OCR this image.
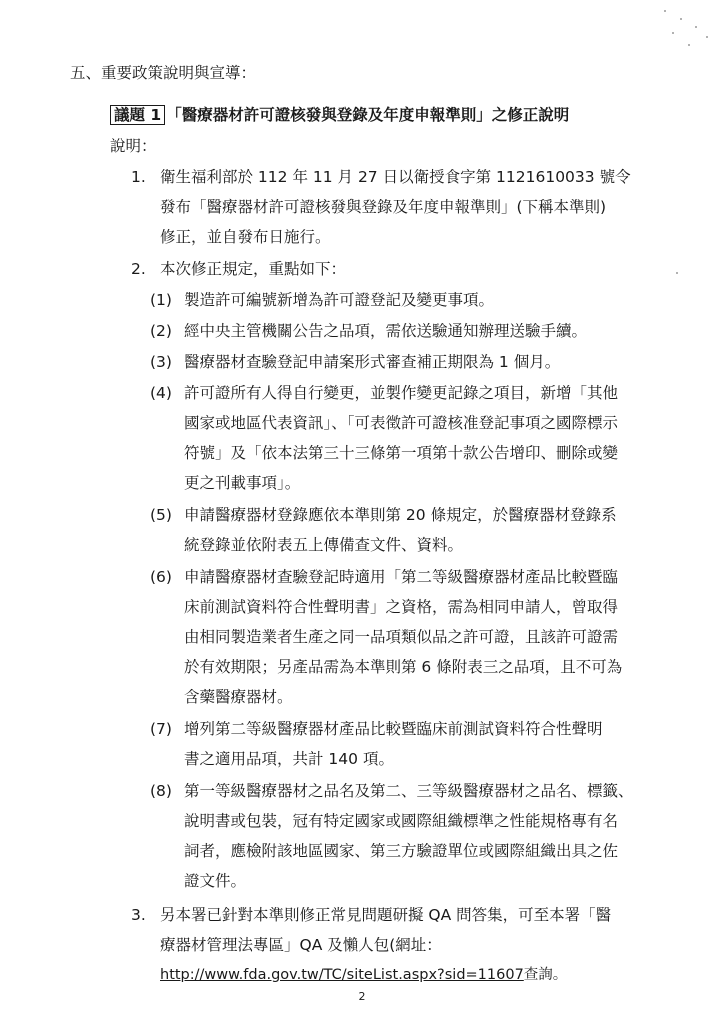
五、重要政策說明與宣導：
議題 1 「醫療器材許可證核發與登錄及年度申報準則」之修正說明
說明：
1. 衛生福利部於 112 年 11 月 27 日以衛授食字第 1121610033 號令
發布「醫療器材許可證核發與登錄及年度申報準則」(下稱本準則)
修正，並自發布日施行。
2. 本次修正規定，重點如下：
(1) 製造許可編號新增為許可證登記及變更事項。
(2) 經中央主管機關公告之品項，需依送驗通知辦理送驗手續。
(3) 醫療器材查驗登記申請案形式審查補正期限為 1 個月。
(4) 許可證所有人得自行變更，並製作變更記錄之項目，新增「其他
國家或地區代表資訊」、「可表徵許可證核准登記事項之國際標示
符號」及「依本法第三十三條第一項第十款公告增印、刪除或變
更之刊載事項」。
(5) 申請醫療器材登錄應依本準則第 20 條規定，於醫療器材登錄系
統登錄並依附表五上傳備查文件、資料。
(6) 申請醫療器材查驗登記時適用「第二等級醫療器材產品比較暨臨
床前測試資料符合性聲明書」之資格，需為相同申請人，曾取得
由相同製造業者生產之同一品項類似品之許可證，且該許可證需
於有效期限；另產品需為本準則第 6 條附表三之品項，且不可為
含藥醫療器材。
(7) 增列第二等級醫療器材產品比較暨臨床前測試資料符合性聲明
書之適用品項，共計 140 項。
(8) 第一等級醫療器材之品名及第二、三等級醫療器材之品名、標籤、
說明書或包裝，冠有特定國家或國際組織標準之性能規格專有名
詞者，應檢附該地區國家、第三方驗證單位或國際組織出具之佐
證文件。
3. 另本署已針對本準則修正常見問題研擬 QA 問答集，可至本署「醫
療器材管理法專區」QA 及懶人包(網址：
http://www.fda.gov.tw/TC/siteList.aspx?sid=11607查詢。
2
